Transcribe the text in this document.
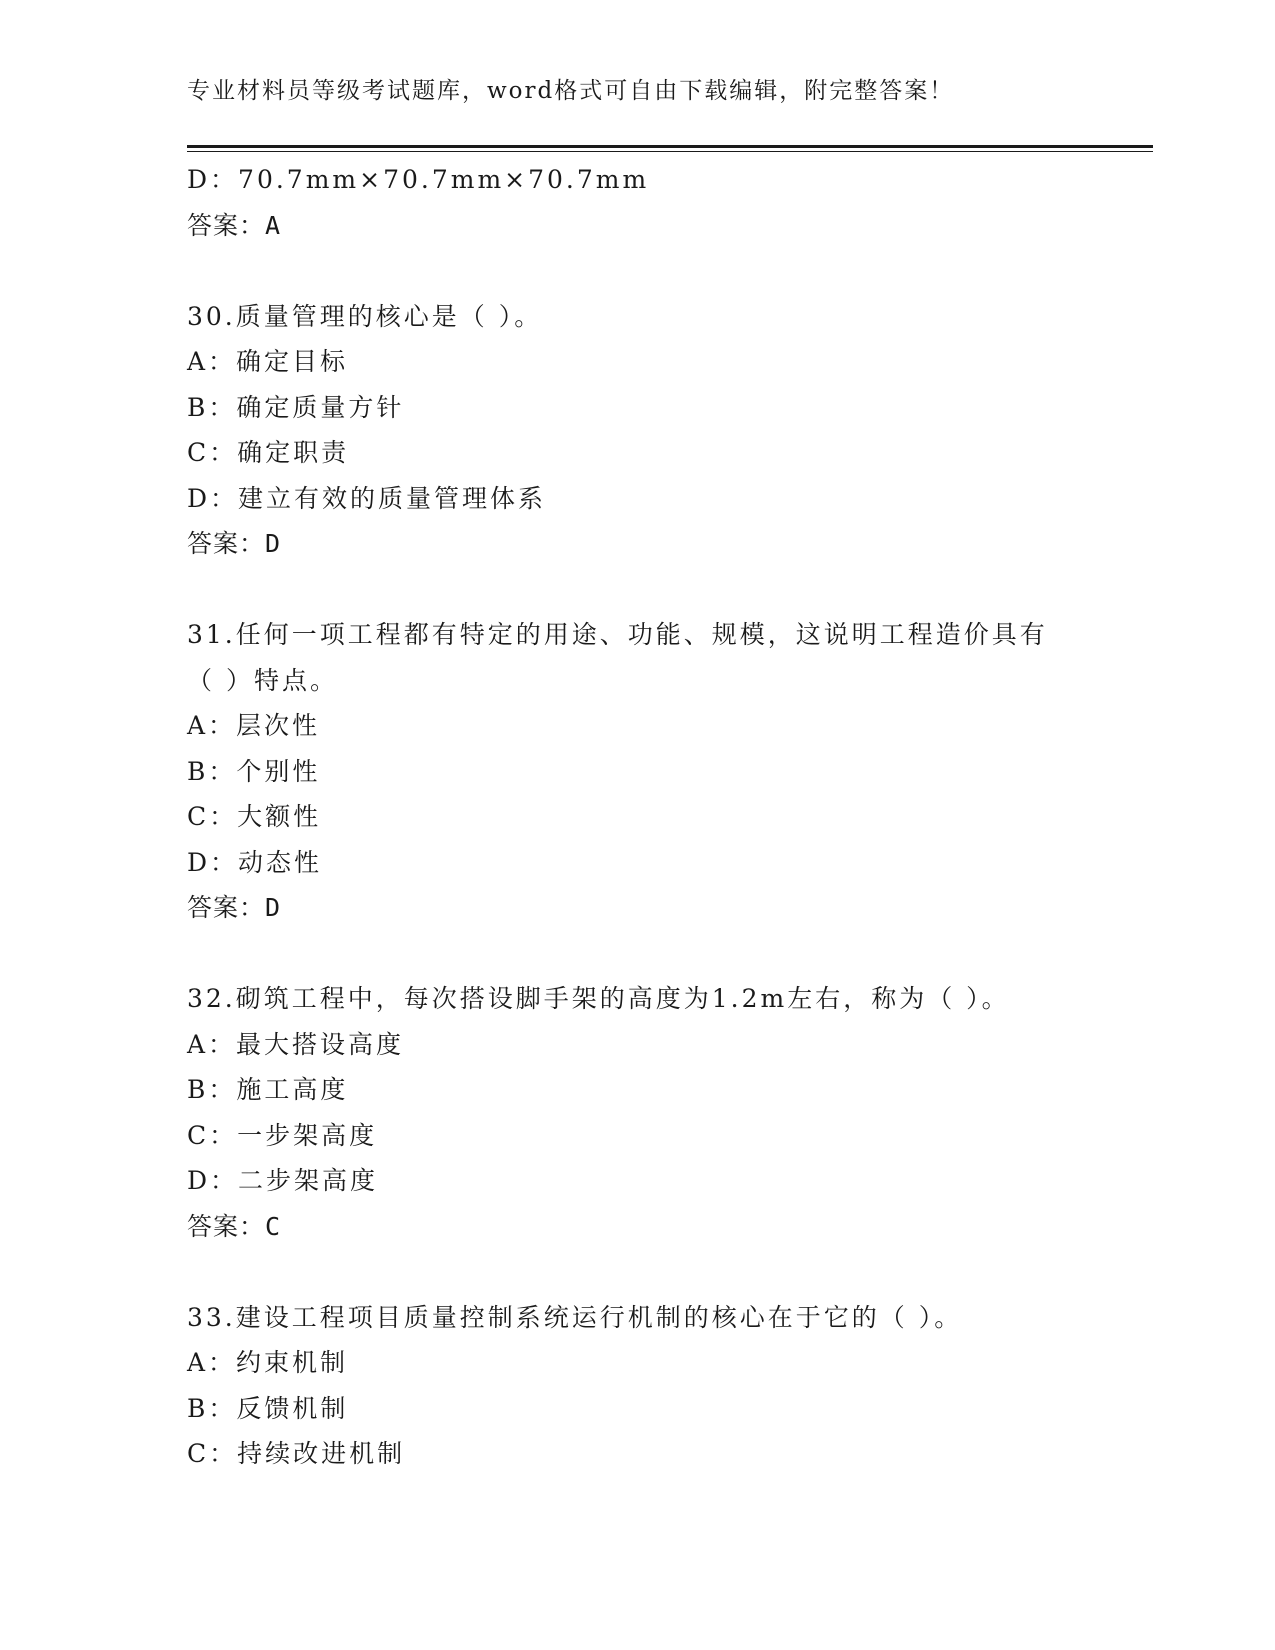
专业材料员等级考试题库，word格式可自由下载编辑，附完整答案！
D：70.7mm×70.7mm×70.7mm
答案：A
30.质量管理的核心是（ ）。
A：确定目标
B：确定质量方针
C：确定职责
D：建立有效的质量管理体系
答案：D
31.任何一项工程都有特定的用途、功能、规模，这说明工程造价具有
（ ）特点。
A：层次性
B：个别性
C：大额性
D：动态性
答案：D
32.砌筑工程中，每次搭设脚手架的高度为1.2m左右，称为（ ）。
A：最大搭设高度
B：施工高度
C：一步架高度
D：二步架高度
答案：C
33.建设工程项目质量控制系统运行机制的核心在于它的（ ）。
A：约束机制
B：反馈机制
C：持续改进机制
